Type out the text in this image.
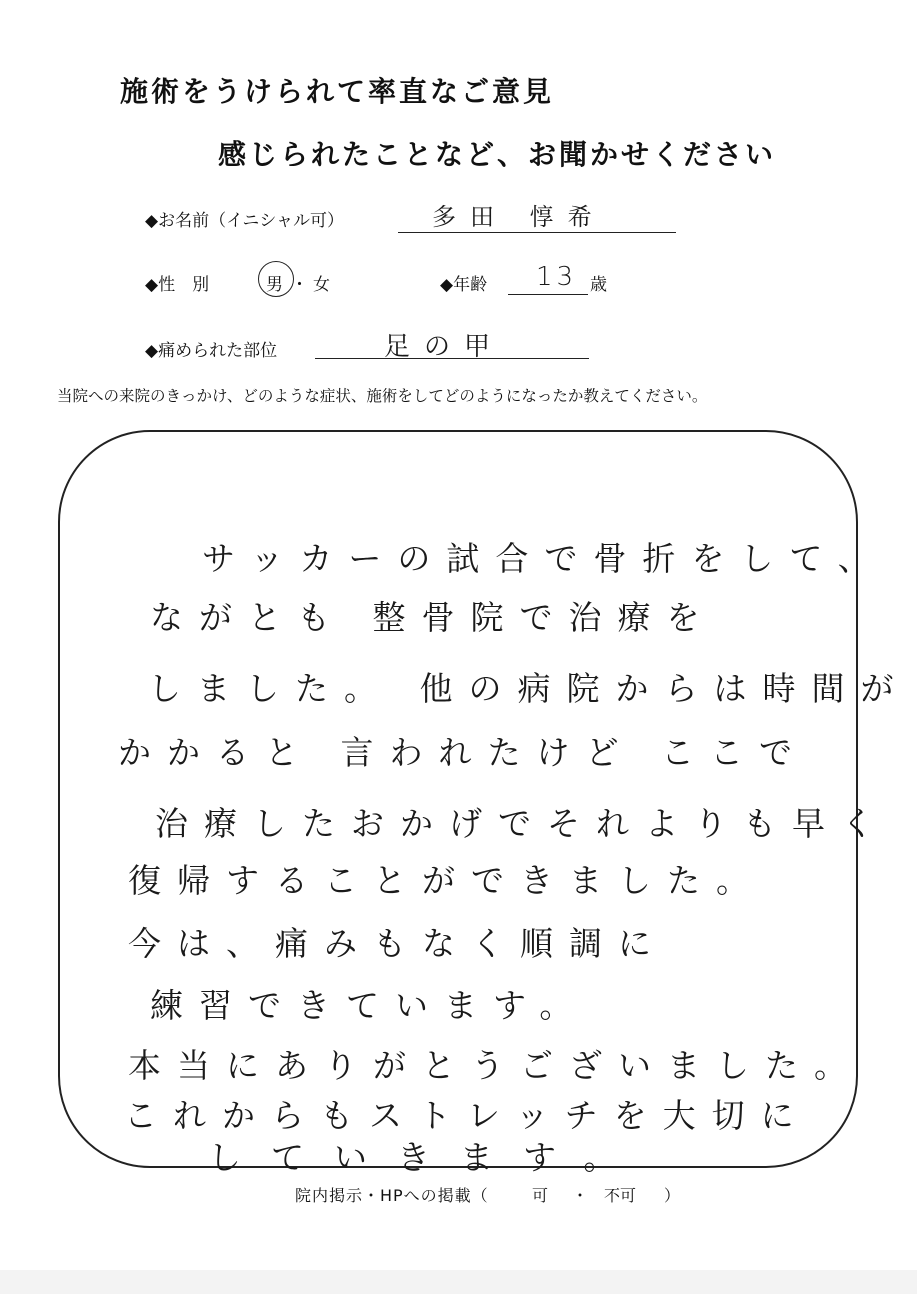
施術をうけられて率直なご意見
感じられたことなど、お聞かせください
◆お名前（イニシャル可）	多田 惇希
◆性　別	男 ・ 女	◆年齢 13 歳
◆痛められた部位	足の甲
当院への来院のきっかけ、どのような症状、施術をしてどのようになったか教えてください。
サッカーの試合で骨折をして、
ながとも 整骨院で治療を
しました。 他の病院からは時間が
かかると 言われたけど ここで
治療したおかげでそれよりも早く
復帰することができました。
今は、痛みもなく順調に
練習できています。
本当にありがとうございました。
これからもストレッチを大切に
していきます。
院内掲示・HPへの掲載（	可 ・ 不可 ）
